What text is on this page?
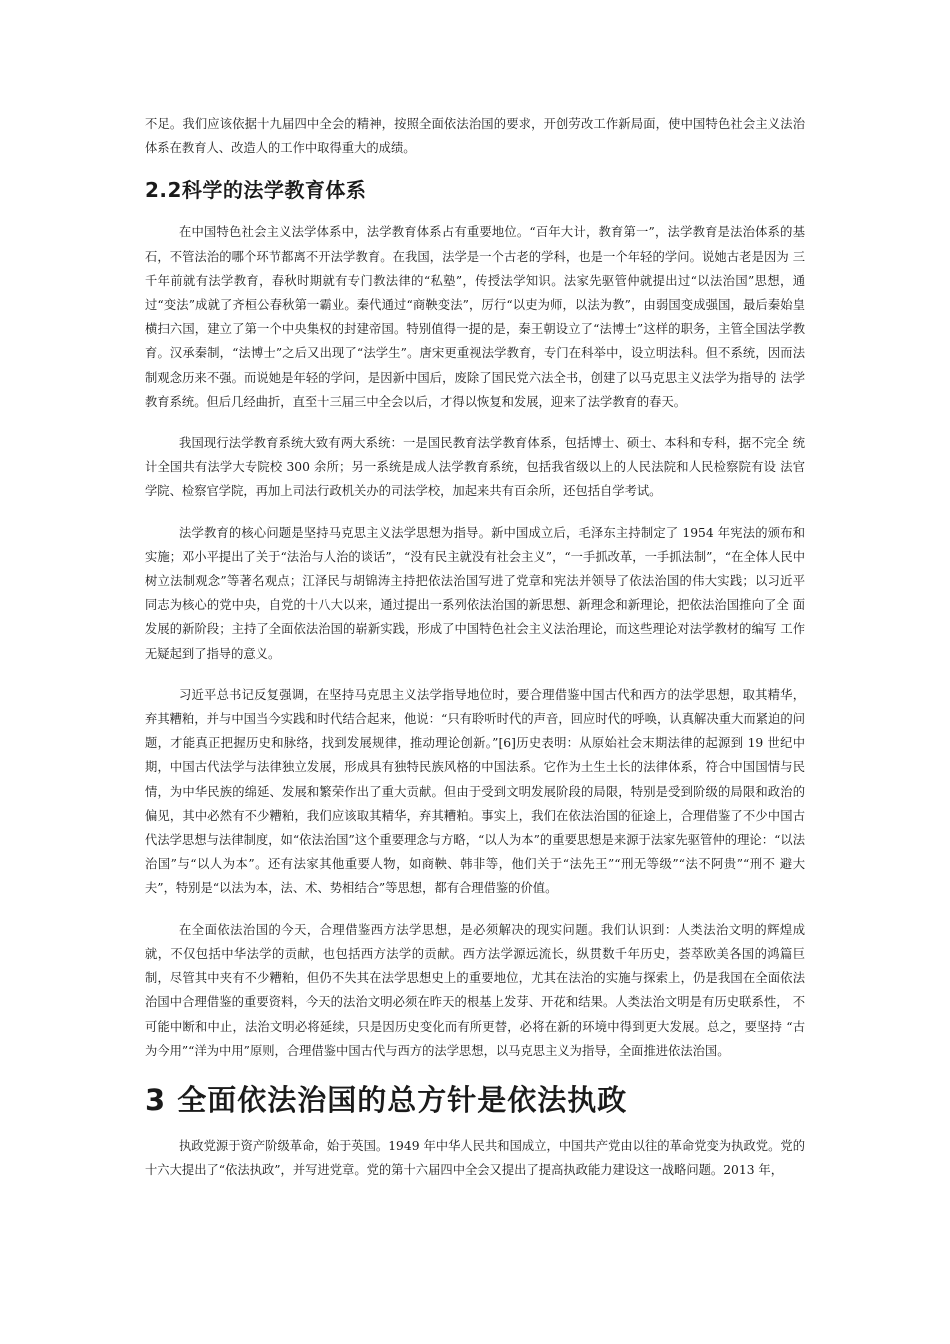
不足。我们应该依据十九届四中全会的精神，按照全面依法治国的要求，开创劳改工作新局面，使中国特色社会主义法治体系在教育人、改造人的工作中取得重大的成绩。

2.2科学的法学教育体系

在中国特色社会主义法学体系中，法学教育体系占有重要地位。“百年大计，教育第一”，法学教育是法治体系的基石，不管法治的哪个环节都离不开法学教育。在我国，法学是一个古老的学科，也是一个年轻的学问。说她古老是因为 三千年前就有法学教育，春秋时期就有专门教法律的“私塾”，传授法学知识。法家先驱管仲就提出过“以法治国”思想，通过“变法”成就了齐桓公春秋第一霸业。秦代通过“商鞅变法”，厉行“以吏为师，以法为教”，由弱国变成强国，最后秦始皇横扫六国，建立了第一个中央集权的封建帝国。特别值得一提的是，秦王朝设立了“法博士”这样的职务，主管全国法学教育。汉承秦制，“法博士”之后又出现了“法学生”。唐宋更重视法学教育，专门在科举中，设立明法科。但不系统，因而法制观念历来不强。而说她是年轻的学问，是因新中国后，废除了国民党六法全书，创建了以马克思主义法学为指导的 法学教育系统。但后几经曲折，直至十三届三中全会以后，才得以恢复和发展，迎来了法学教育的春天。

我国现行法学教育系统大致有两大系统：一是国民教育法学教育体系，包括博士、硕士、本科和专科，据不完全 统计全国共有法学大专院校 300 余所；另一系统是成人法学教育系统，包括我省级以上的人民法院和人民检察院有设 法官学院、检察官学院，再加上司法行政机关办的司法学校，加起来共有百余所，还包括自学考试。

法学教育的核心问题是坚持马克思主义法学思想为指导。新中国成立后，毛泽东主持制定了 1954 年宪法的颁布和实施；邓小平提出了关于“法治与人治的谈话”，“没有民主就没有社会主义”，“一手抓改革，一手抓法制”，“在全体人民中树立法制观念”等著名观点；江泽民与胡锦涛主持把依法治国写进了党章和宪法并领导了依法治国的伟大实践；以习近平 同志为核心的党中央，自党的十八大以来，通过提出一系列依法治国的新思想、新理念和新理论，把依法治国推向了全 面发展的新阶段；主持了全面依法治国的崭新实践，形成了中国特色社会主义法治理论，而这些理论对法学教材的编写 工作无疑起到了指导的意义。

习近平总书记反复强调，在坚持马克思主义法学指导地位时，要合理借鉴中国古代和西方的法学思想，取其精华， 弃其糟粕，并与中国当今实践和时代结合起来，他说：“只有聆听时代的声音，回应时代的呼唤，认真解决重大而紧迫的问题，才能真正把握历史和脉络，找到发展规律，推动理论创新。”[6]历史表明：从原始社会末期法律的起源到 19 世纪中期，中国古代法学与法律独立发展，形成具有独特民族风格的中国法系。它作为土生土长的法律体系，符合中国国情与民情，为中华民族的绵延、发展和繁荣作出了重大贡献。但由于受到文明发展阶段的局限，特别是受到阶级的局限和政治的偏见，其中必然有不少糟粕，我们应该取其精华，弃其糟粕。事实上，我们在依法治国的征途上，合理借鉴了不少中国古代法学思想与法律制度，如“依法治国”这个重要理念与方略，“以人为本”的重要思想是来源于法家先驱管仲的理论：“以法治国”与“以人为本”。还有法家其他重要人物，如商鞅、韩非等，他们关于“法先王”“刑无等级”“法不阿贵”“刑不 避大夫”，特别是“以法为本，法、术、势相结合”等思想，都有合理借鉴的价值。

在全面依法治国的今天，合理借鉴西方法学思想，是必须解决的现实问题。我们认识到：人类法治文明的辉煌成 就，不仅包括中华法学的贡献，也包括西方法学的贡献。西方法学源远流长，纵贯数千年历史，荟萃欧美各国的鸿篇巨制，尽管其中夹有不少糟粕，但仍不失其在法学思想史上的重要地位，尤其在法治的实施与探索上，仍是我国在全面依法治国中合理借鉴的重要资料，今天的法治文明必须在昨天的根基上发芽、开花和结果。人类法治文明是有历史联系性， 不可能中断和中止，法治文明必将延续，只是因历史变化而有所更替，必将在新的环境中得到更大发展。总之，要坚持 “古为今用”“洋为中用”原则，合理借鉴中国古代与西方的法学思想，以马克思主义为指导，全面推进依法治国。

3 全面依法治国的总方针是依法执政

执政党源于资产阶级革命，始于英国。1949 年中华人民共和国成立，中国共产党由以往的革命党变为执政党。党的十六大提出了“依法执政”，并写进党章。党的第十六届四中全会又提出了提高执政能力建设这一战略问题。2013 年，
